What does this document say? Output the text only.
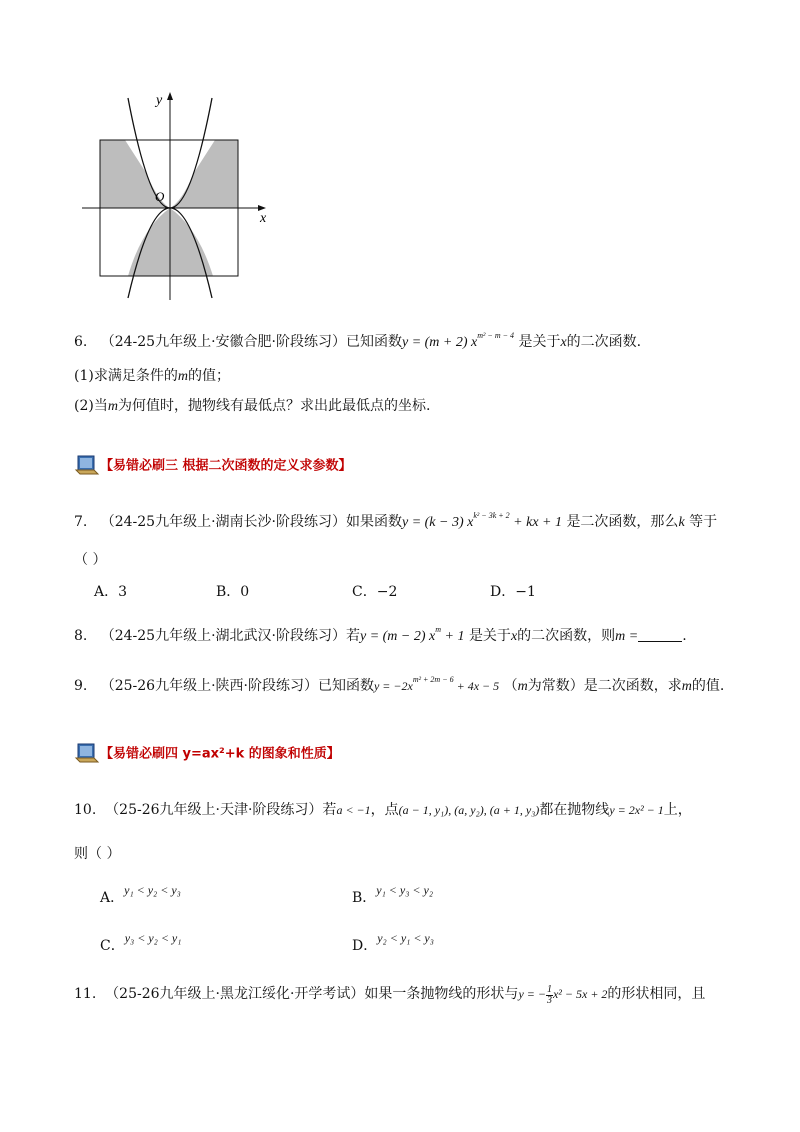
y
x
O
6. （24-25九年级上·安徽合肥·阶段练习）已知函数y = (m + 2) $x^{m^2 - m - 4}$ 是关于x的二次函数.
(1)求满足条件的m的值；
(2)当m为何值时，抛物线有最低点？求出此最低点的坐标.
【易错必刷三 根据二次函数的定义求参数】
7. （24-25九年级上·湖南长沙·阶段练习）如果函数y = (k − 3) $x^{k^2 - 3k + 2}$ + kx + 1 是二次函数，那么k 等于
（ ）
A．3	B．0	C．−2	D．−1
8. （24-25九年级上·湖北武汉·阶段练习）若y = (m − 2) $x^m + 1$ 是关于x的二次函数，则m =	.
9. （25-26九年级上·陕西·阶段练习）已知函数$y = -2x^{m^2 + 2m - 6} + 4x - 5$ （m为常数）是二次函数，求m的值.
【易错必刷四 y=ax²+k 的图象和性质】
10. （25-26九年级上·天津·阶段练习）若a < −1，点(a − 1, y₁), (a, y₂), (a + 1, y₃)都在抛物线y = 2x² − 1上，
则（ ）
A．y₁ < y₂ < y₃	B．y₁ < y₃ < y₂
C．y₃ < y₂ < y₁	D．y₂ < y₁ < y₃
11. （25-26九年级上·黑龙江绥化·开学考试）如果一条抛物线的形状与y = − $\frac{1}{3} x^2 - 5x + 2$的形状相同，且
